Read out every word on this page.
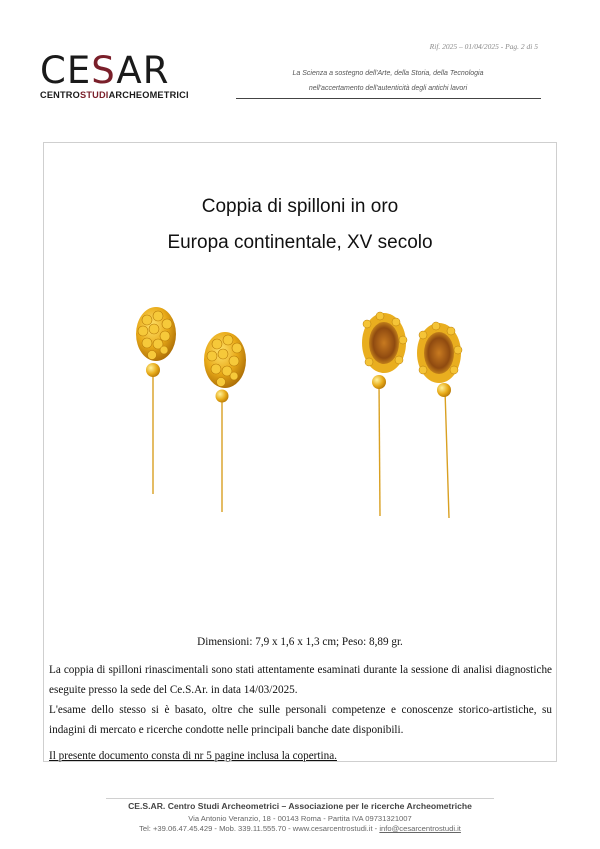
Rif. 2025 – 01/04/2025 - Pag. 2 di 5
CESAR
CENTROSTUDIARCHEOMETRICI
La Scienza a sostegno dell'Arte, della Storia, della Tecnologia
nell'accertamento dell'autenticità degli antichi lavori
Coppia di spilloni in oro
Europa continentale, XV secolo
Dimensioni: 7,9 x 1,6 x 1,3 cm; Peso: 8,89 gr.
La coppia di spilloni rinascimentali sono stati attentamente esaminati durante la sessione di analisi diagnostiche eseguite presso la sede del Ce.S.Ar. in data 14/03/2025.
L'esame dello stesso si è basato, oltre che sulle personali competenze e conoscenze storico-artistiche, su indagini di mercato e ricerche condotte nelle principali banche date disponibili.
Il presente documento consta di nr 5 pagine inclusa la copertina.
CE.S.AR. Centro Studi Archeometrici – Associazione per le ricerche Archeometriche
Via Antonio Veranzio, 18 - 00143 Roma - Partita IVA 09731321007
Tel: +39.06.47.45.429 - Mob. 339.11.555.70 - www.cesarcentrostudi.it - info@cesarcentrostudi.it
